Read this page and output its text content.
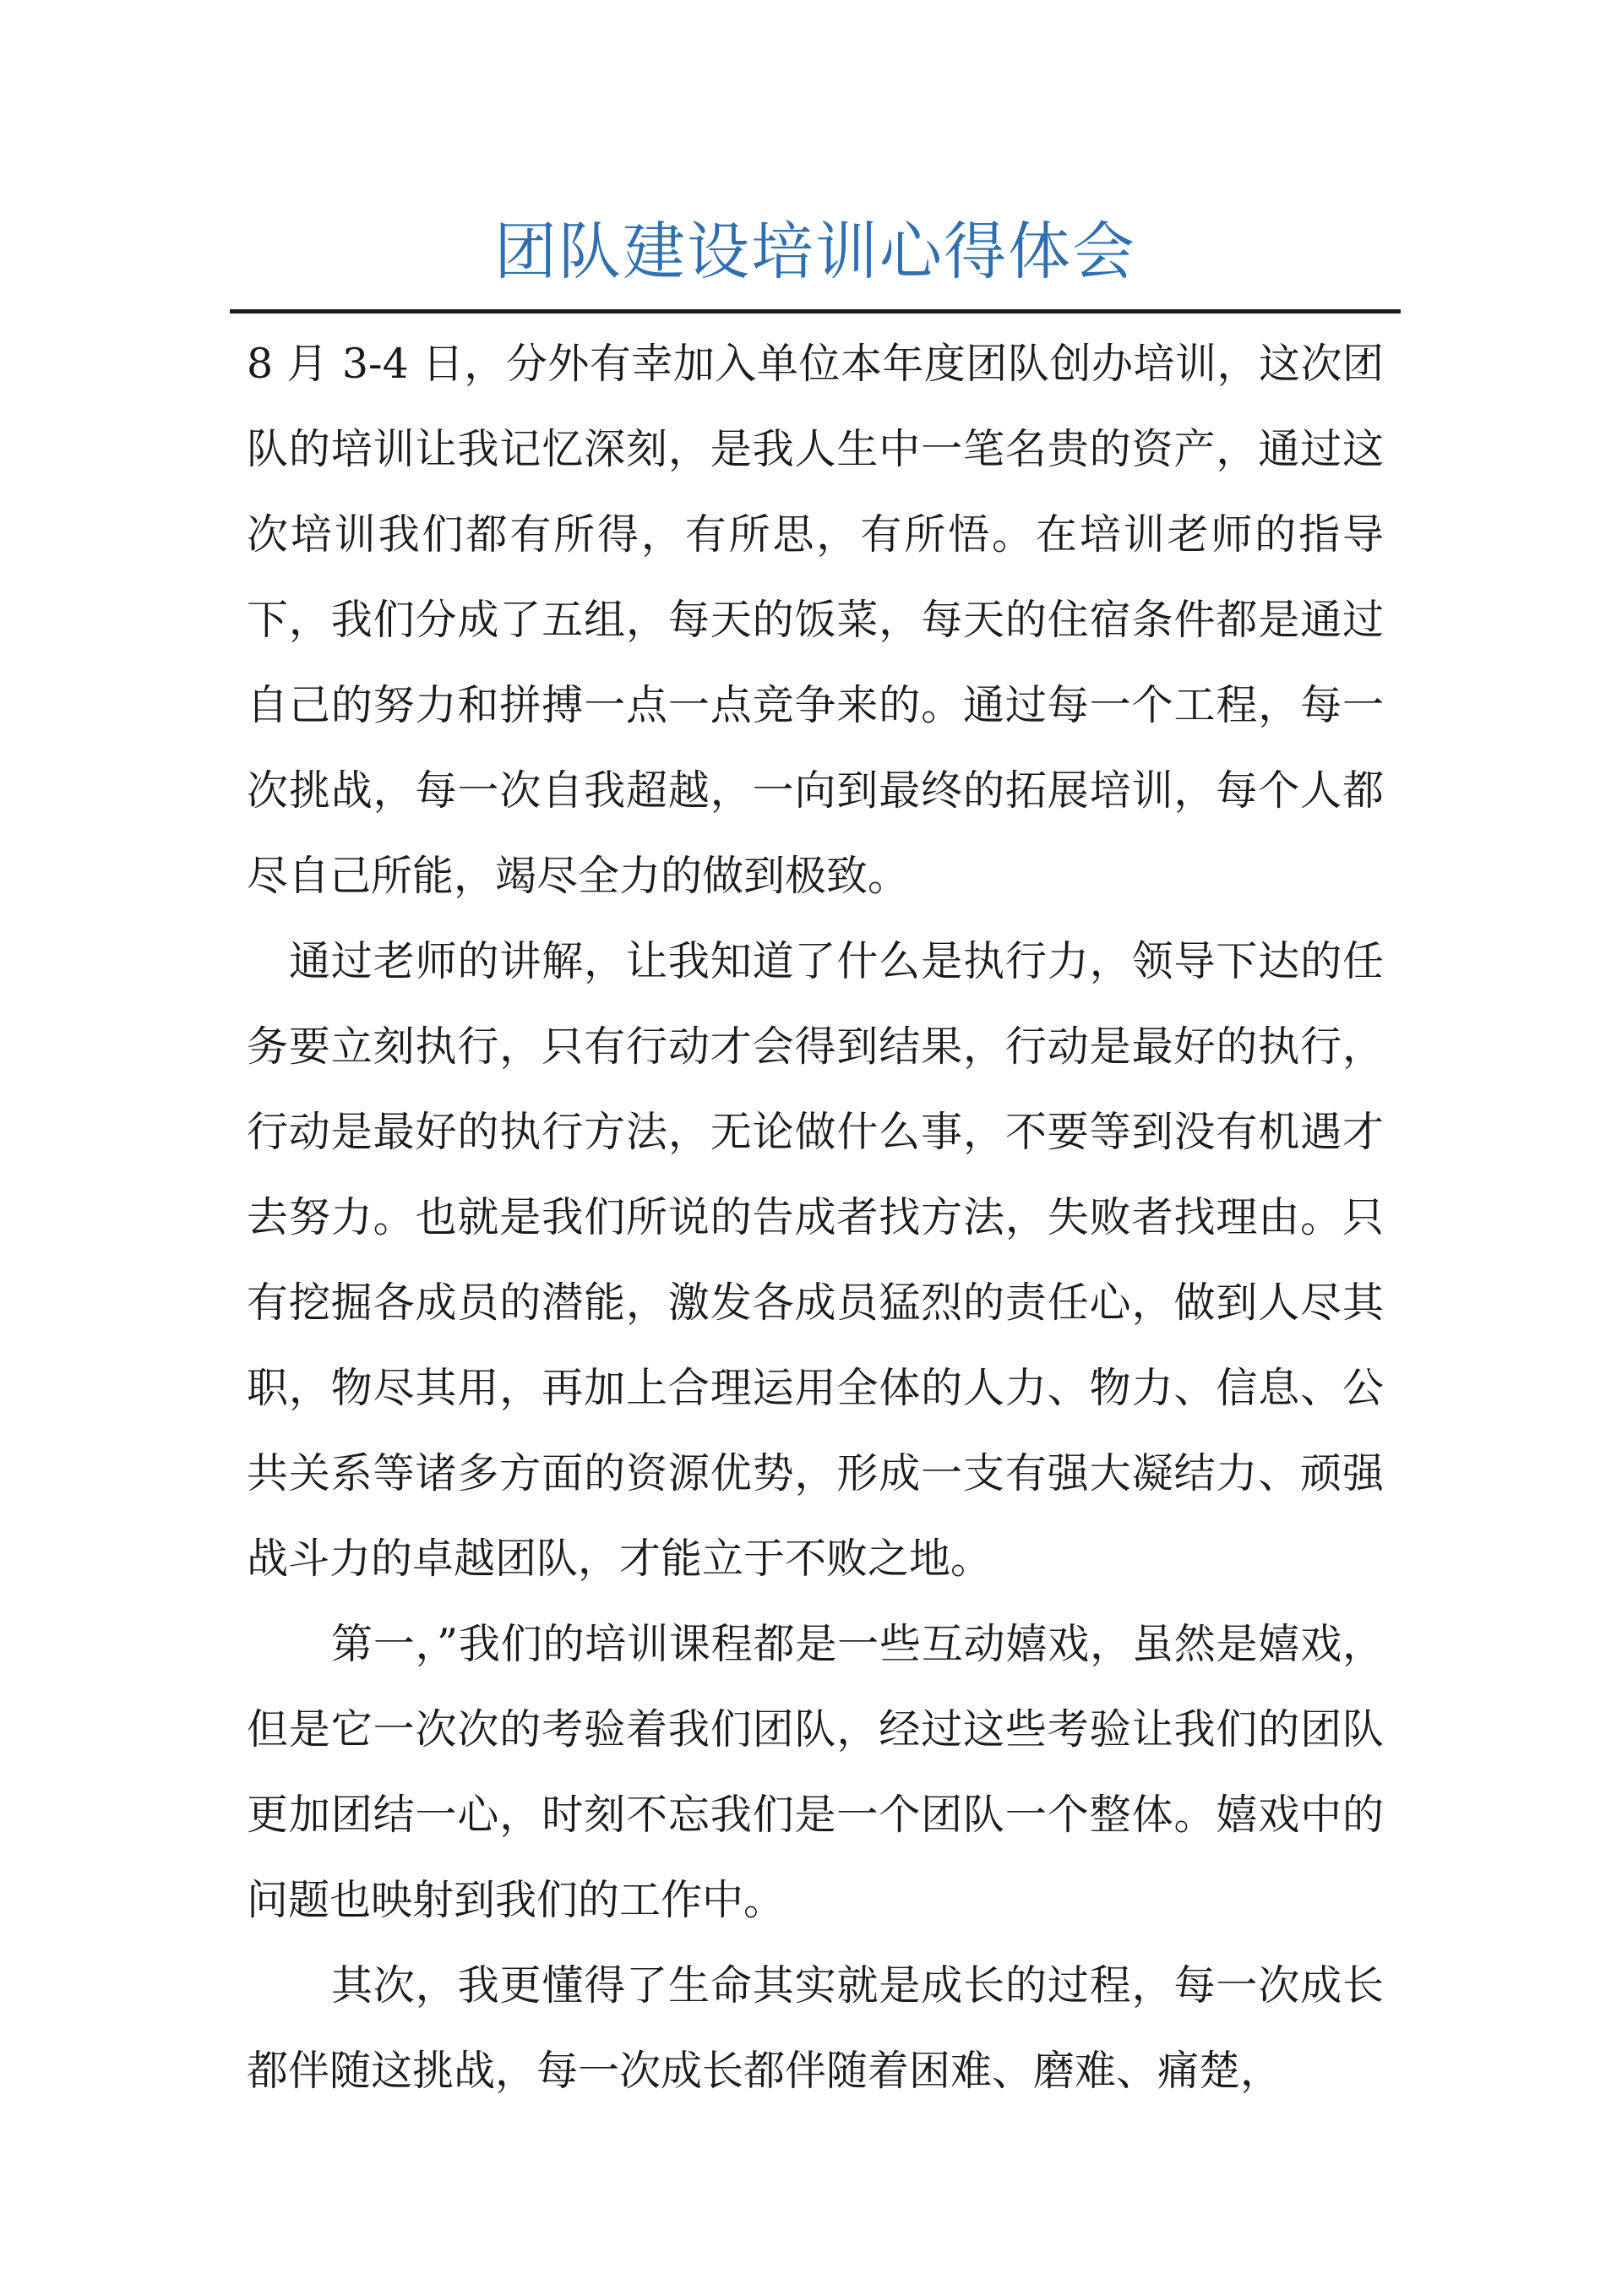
团队建设培训心得体会

8 月 3-4 日，分外有幸加入单位本年度团队创办培训，这次团队的培训让我记忆深刻，是我人生中一笔名贵的资产，通过这次培训我们都有所得，有所思，有所悟。在培训老师的指导下，我们分成了五组，每天的饭菜，每天的住宿条件都是通过自己的努力和拼搏一点一点竞争来的。通过每一个工程，每一次挑战，每一次自我超越，一向到最终的拓展培训，每个人都尽自己所能，竭尽全力的做到极致。

通过老师的讲解，让我知道了什么是执行力，领导下达的任务要立刻执行，只有行动才会得到结果，行动是最好的执行，行动是最好的执行方法，无论做什么事，不要等到没有机遇才去努力。也就是我们所说的告成者找方法，失败者找理由。只有挖掘各成员的潜能，激发各成员猛烈的责任心，做到人尽其职，物尽其用，再加上合理运用全体的人力、物力、信息、公共关系等诸多方面的资源优势，形成一支有强大凝结力、顽强战斗力的卓越团队，才能立于不败之地。

第一，”我们的培训课程都是一些互动嬉戏，虽然是嬉戏，但是它一次次的考验着我们团队，经过这些考验让我们的团队更加团结一心，时刻不忘我们是一个团队一个整体。嬉戏中的问题也映射到我们的工作中。

其次，我更懂得了生命其实就是成长的过程，每一次成长都伴随这挑战，每一次成长都伴随着困难、磨难、痛楚，
